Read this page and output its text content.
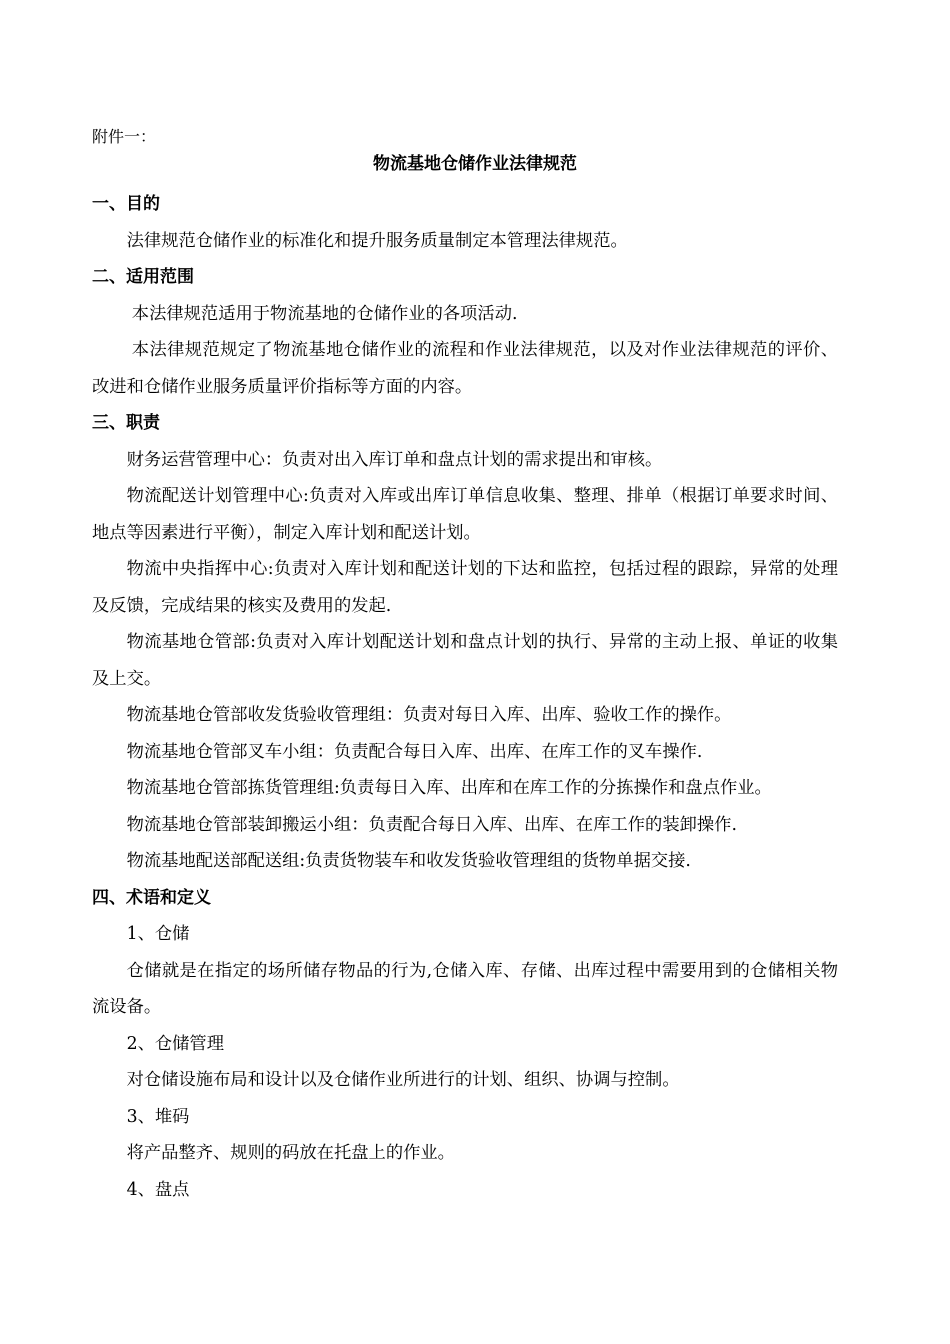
附件一：
物流基地仓储作业法律规范

一、目的

法律规范仓储作业的标准化和提升服务质量制定本管理法律规范。

二、适用范围

本法律规范适用于物流基地的仓储作业的各项活动.

本法律规范规定了物流基地仓储作业的流程和作业法律规范，以及对作业法律规范的评价、改进和仓储作业服务质量评价指标等方面的内容。

三、职责

财务运营管理中心：负责对出入库订单和盘点计划的需求提出和审核。

物流配送计划管理中心:负责对入库或出库订单信息收集、整理、排单（根据订单要求时间、地点等因素进行平衡），制定入库计划和配送计划。

物流中央指挥中心:负责对入库计划和配送计划的下达和监控，包括过程的跟踪，异常的处理及反馈，完成结果的核实及费用的发起.

物流基地仓管部:负责对入库计划配送计划和盘点计划的执行、异常的主动上报、单证的收集及上交。

物流基地仓管部收发货验收管理组：负责对每日入库、出库、验收工作的操作。

物流基地仓管部叉车小组：负责配合每日入库、出库、在库工作的叉车操作.

物流基地仓管部拣货管理组:负责每日入库、出库和在库工作的分拣操作和盘点作业。

物流基地仓管部装卸搬运小组：负责配合每日入库、出库、在库工作的装卸操作.

物流基地配送部配送组:负责货物装车和收发货验收管理组的货物单据交接.

四、术语和定义

1、仓储

仓储就是在指定的场所储存物品的行为,仓储入库、存储、出库过程中需要用到的仓储相关物流设备。

2、仓储管理

对仓储设施布局和设计以及仓储作业所进行的计划、组织、协调与控制。

3、堆码

将产品整齐、规则的码放在托盘上的作业。

4、盘点
